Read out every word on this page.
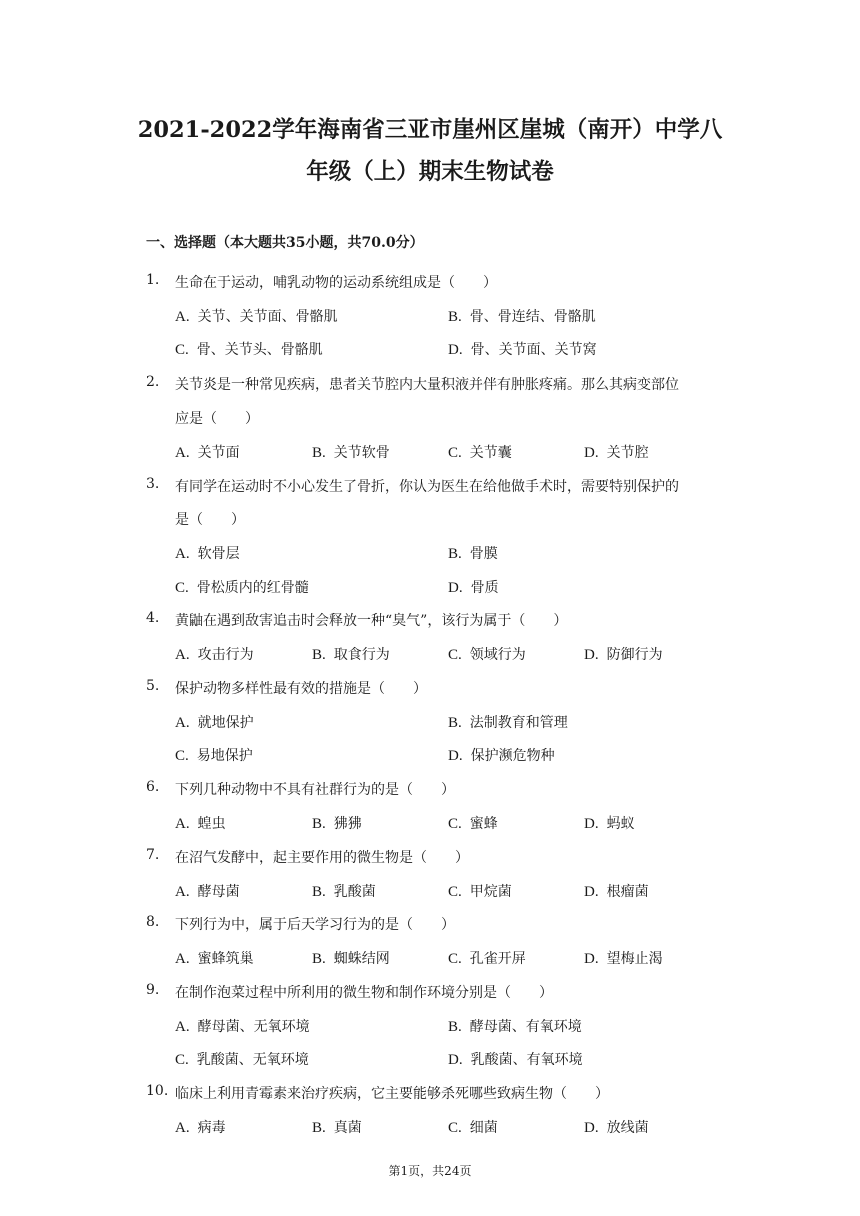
2021-2022学年海南省三亚市崖州区崖城（南开）中学八
年级（上）期末生物试卷
一、选择题（本大题共35小题，共70.0分）
1. 生命在于运动，哺乳动物的运动系统组成是（　　）
A. 关节、关节面、骨骼肌	B. 骨、骨连结、骨骼肌
C. 骨、关节头、骨骼肌	D. 骨、关节面、关节窝
2. 关节炎是一种常见疾病，患者关节腔内大量积液并伴有肿胀疼痛。那么其病变部位
应是（　　）
A. 关节面	B. 关节软骨	C. 关节囊	D. 关节腔
3. 有同学在运动时不小心发生了骨折，你认为医生在给他做手术时，需要特别保护的
是（　　）
A. 软骨层	B. 骨膜
C. 骨松质内的红骨髓	D. 骨质
4. 黄鼬在遇到敌害追击时会释放一种“臭气”，该行为属于（　　）
A. 攻击行为	B. 取食行为	C. 领域行为	D. 防御行为
5. 保护动物多样性最有效的措施是（　　）
A. 就地保护	B. 法制教育和管理
C. 易地保护	D. 保护濒危物种
6. 下列几种动物中不具有社群行为的是（　　）
A. 蝗虫	B. 狒狒	C. 蜜蜂	D. 蚂蚁
7. 在沼气发酵中，起主要作用的微生物是（　　）
A. 酵母菌	B. 乳酸菌	C. 甲烷菌	D. 根瘤菌
8. 下列行为中，属于后天学习行为的是（　　）
A. 蜜蜂筑巢	B. 蜘蛛结网	C. 孔雀开屏	D. 望梅止渴
9. 在制作泡菜过程中所利用的微生物和制作环境分别是（　　）
A. 酵母菌、无氧环境	B. 酵母菌、有氧环境
C. 乳酸菌、无氧环境	D. 乳酸菌、有氧环境
10. 临床上利用青霉素来治疗疾病，它主要能够杀死哪些致病生物（　　）
A. 病毒	B. 真菌	C. 细菌	D. 放线菌
第1页，共24页
